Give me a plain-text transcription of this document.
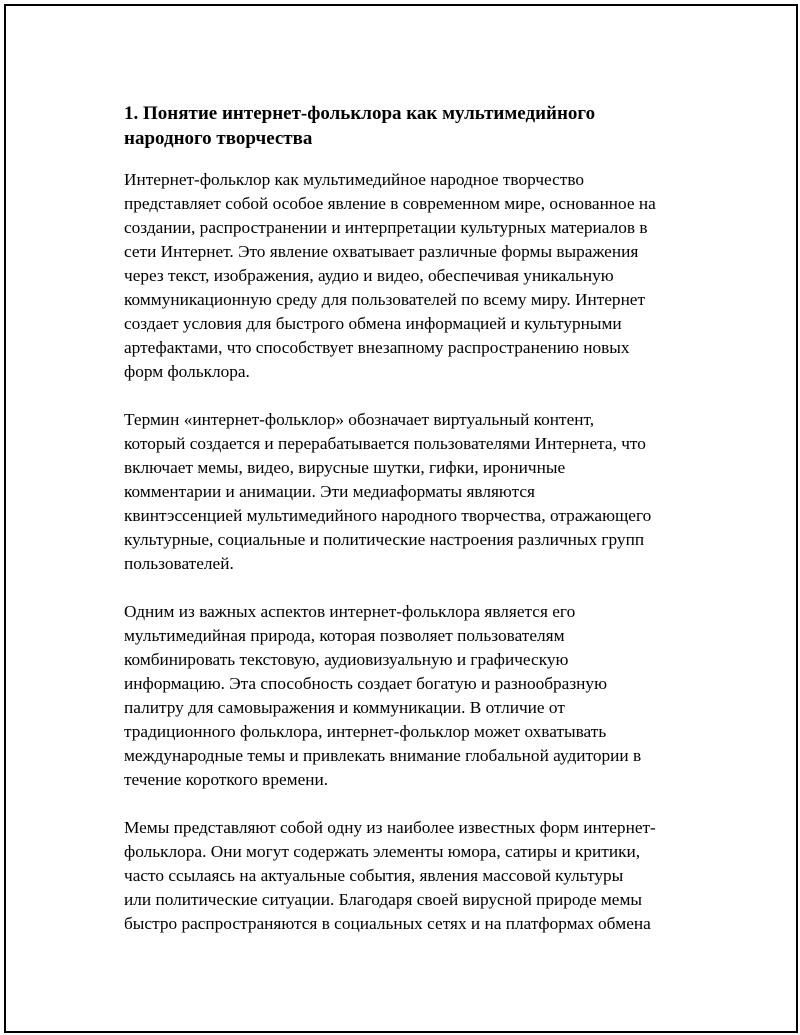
1. Понятие интернет-фольклора как мультимедийного
народного творчества

Интернет-фольклор как мультимедийное народное творчество
представляет собой особое явление в современном мире, основанное на
создании, распространении и интерпретации культурных материалов в
сети Интернет. Это явление охватывает различные формы выражения
через текст, изображения, аудио и видео, обеспечивая уникальную
коммуникационную среду для пользователей по всему миру. Интернет
создает условия для быстрого обмена информацией и культурными
артефактами, что способствует внезапному распространению новых
форм фольклора.

Термин «интернет-фольклор» обозначает виртуальный контент,
который создается и перерабатывается пользователями Интернета, что
включает мемы, видео, вирусные шутки, гифки, ироничные
комментарии и анимации. Эти медиаформаты являются
квинтэссенцией мультимедийного народного творчества, отражающего
культурные, социальные и политические настроения различных групп
пользователей.

Одним из важных аспектов интернет-фольклора является его
мультимедийная природа, которая позволяет пользователям
комбинировать текстовую, аудиовизуальную и графическую
информацию. Эта способность создает богатую и разнообразную
палитру для самовыражения и коммуникации. В отличие от
традиционного фольклора, интернет-фольклор может охватывать
международные темы и привлекать внимание глобальной аудитории в
течение короткого времени.

Мемы представляют собой одну из наиболее известных форм интернет-
фольклора. Они могут содержать элементы юмора, сатиры и критики,
часто ссылаясь на актуальные события, явления массовой культуры
или политические ситуации. Благодаря своей вирусной природе мемы
быстро распространяются в социальных сетях и на платформах обмена
